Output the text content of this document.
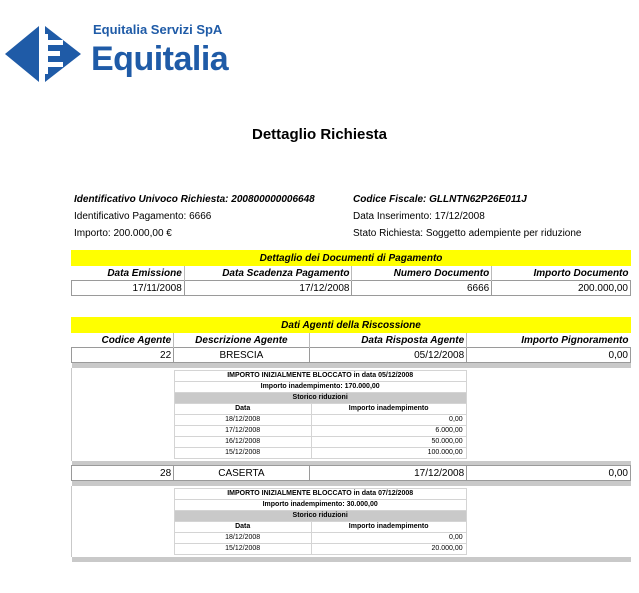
Equitalia Servizi SpA
Equitalia
Dettaglio Richiesta
Identificativo Univoco Richiesta: 200800000006648
Identificativo Pagamento: 6666
Importo: 200.000,00 €
Codice Fiscale: GLLNTN62P26E011J
Data Inserimento: 17/12/2008
Stato Richiesta: Soggetto adempiente per riduzione
Dettaglio dei Documenti di Pagamento			
Data Emissione	Data Scadenza Pagamento	Numero Documento	Importo Documento
17/11/2008	17/12/2008	6666	200.000,00
Dati Agenti della Riscossione
Codice Agente	Descrizione Agente	Data Risposta Agente	Importo Pignoramento
22	BRESCIA	05/12/2008	0,00

IMPORTO INIZIALMENTE BLOCCATO in data 05/12/2008
Importo inadempimento: 170.000,00
Storico riduzioni
Data	Importo inadempimento
18/12/2008	0,00
17/12/2008	6.000,00
16/12/2008	50.000,00
15/12/2008	100.000,00

28	CASERTA	17/12/2008	0,00

IMPORTO INIZIALMENTE BLOCCATO in data 07/12/2008
Importo inadempimento: 30.000,00
Storico riduzioni
Data	Importo inadempimento
18/12/2008	0,00
15/12/2008	20.000,00
